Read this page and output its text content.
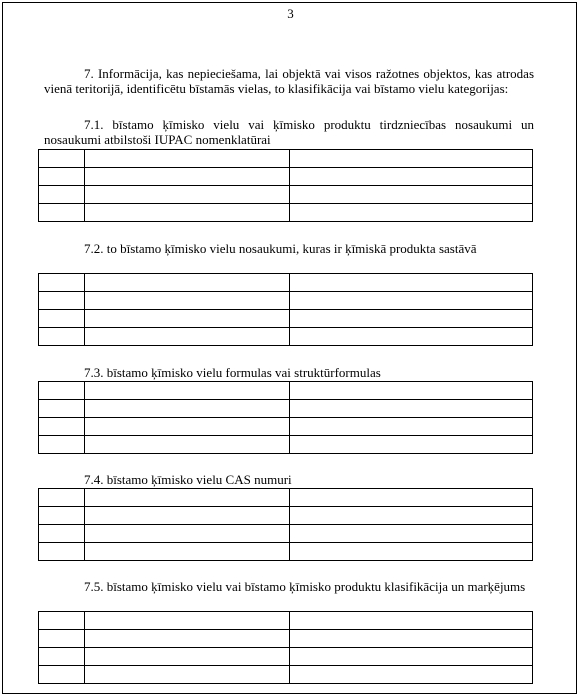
3
7. Informācija, kas nepieciešama, lai objektā vai visos ražotnes objektos, kas atrodas vienā teritorijā, identificētu bīstamās vielas, to klasifikācija vai bīstamo vielu kategorijas:
7.1. bīstamo ķīmisko vielu vai ķīmisko produktu tirdzniecības nosaukumi un nosaukumi atbilstoši IUPAC nomenklatūrai

7.2. to bīstamo ķīmisko vielu nosaukumi, kuras ir ķīmiskā produkta sastāvā

7.3. bīstamo ķīmisko vielu formulas vai struktūrformulas

7.4. bīstamo ķīmisko vielu CAS numuri

7.5. bīstamo ķīmisko vielu vai bīstamo ķīmisko produktu klasifikācija un marķējums
